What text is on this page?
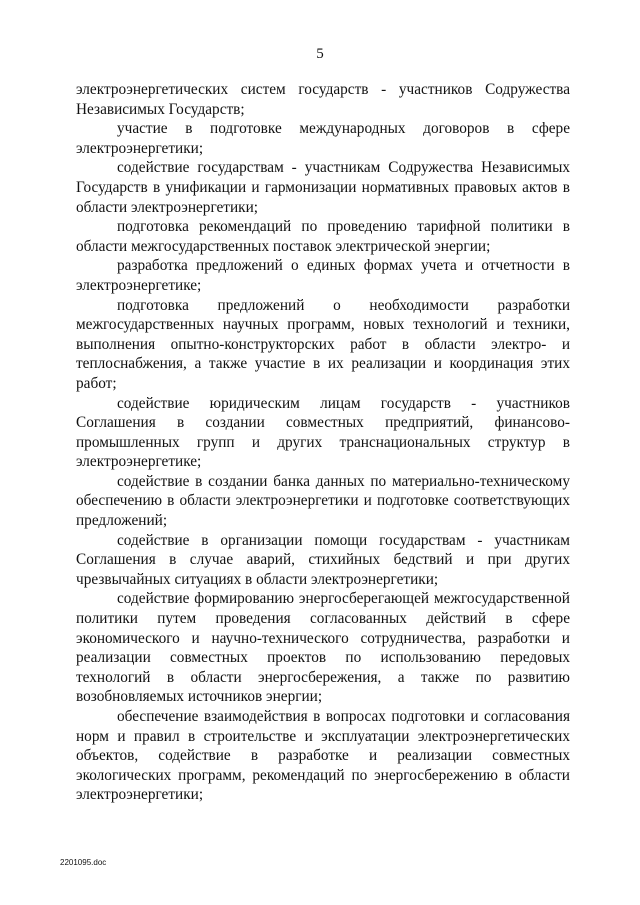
5

электроэнергетических систем государств - участников Содружества Независимых Государств;

участие в подготовке международных договоров в сфере электроэнергетики;

содействие государствам - участникам Содружества Независимых Государств в унификации и гармонизации нормативных правовых актов в области электроэнергетики;

подготовка рекомендаций по проведению тарифной политики в области межгосударственных поставок электрической энергии;

разработка предложений о единых формах учета и отчетности в электроэнергетике;

подготовка предложений о необходимости разработки межгосударственных научных программ, новых технологий и техники, выполнения опытно-конструкторских работ в области электро- и теплоснабжения, а также участие в их реализации и координация этих работ;

содействие юридическим лицам государств - участников Соглашения в создании совместных предприятий, финансово-промышленных групп и других транснациональных структур в электроэнергетике;

содействие в создании банка данных по материально-техническому обеспечению в области электроэнергетики и подготовке соответствующих предложений;

содействие в организации помощи государствам - участникам Соглашения в случае аварий, стихийных бедствий и при других чрезвычайных ситуациях в области электроэнергетики;

содействие формированию энергосберегающей межгосударственной политики путем проведения согласованных действий в сфере экономического и научно-технического сотрудничества, разработки и реализации совместных проектов по использованию передовых технологий в области энергосбережения, а также по развитию возобновляемых источников энергии;

обеспечение взаимодействия в вопросах подготовки и согласования норм и правил в строительстве и эксплуатации электроэнергетических объектов, содействие в разработке и реализации совместных экологических программ, рекомендаций по энергосбережению в области электроэнергетики;

2201095.doc
